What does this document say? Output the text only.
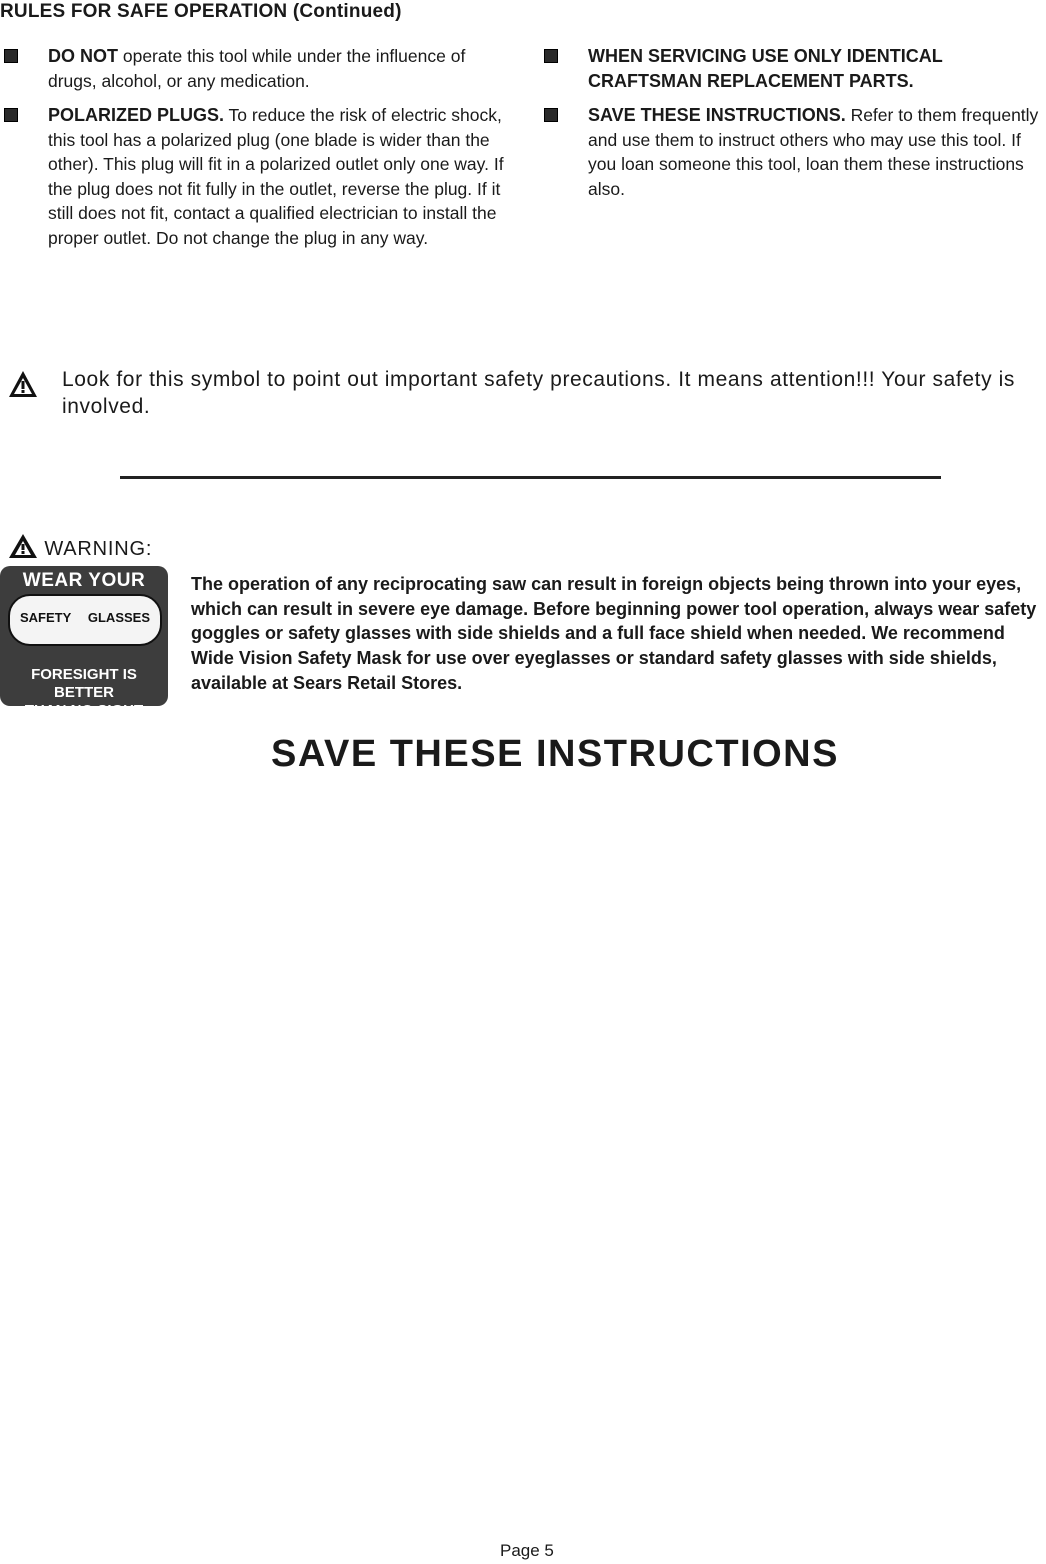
RULES FOR SAFE OPERATION (Continued)
DO NOT operate this tool while under the influence of drugs, alcohol, or any medication.
POLARIZED PLUGS. To reduce the risk of electric shock, this tool has a polarized plug (one blade is wider than the other). This plug will fit in a polarized outlet only one way. If the plug does not fit fully in the outlet, reverse the plug. If it still does not fit, contact a qualified electrician to install the proper outlet. Do not change the plug in any way.
WHEN SERVICING USE ONLY IDENTICAL CRAFTSMAN REPLACEMENT PARTS.
SAVE THESE INSTRUCTIONS. Refer to them frequently and use them to instruct others who may use this tool. If you loan someone this tool, loan them these instructions also.
Look for this symbol to point out important safety precautions. It means attention!!! Your safety is involved.
WARNING:
WEAR YOUR
SAFETY GLASSES
FORESIGHT IS BETTER
THAN NO SIGHT
The operation of any reciprocating saw can result in foreign objects being thrown into your eyes, which can result in severe eye damage. Before beginning power tool operation, always wear safety goggles or safety glasses with side shields and a full face shield when needed. We recommend Wide Vision Safety Mask for use over eyeglasses or standard safety glasses with side shields, available at Sears Retail Stores.
SAVE THESE INSTRUCTIONS
Page 5
